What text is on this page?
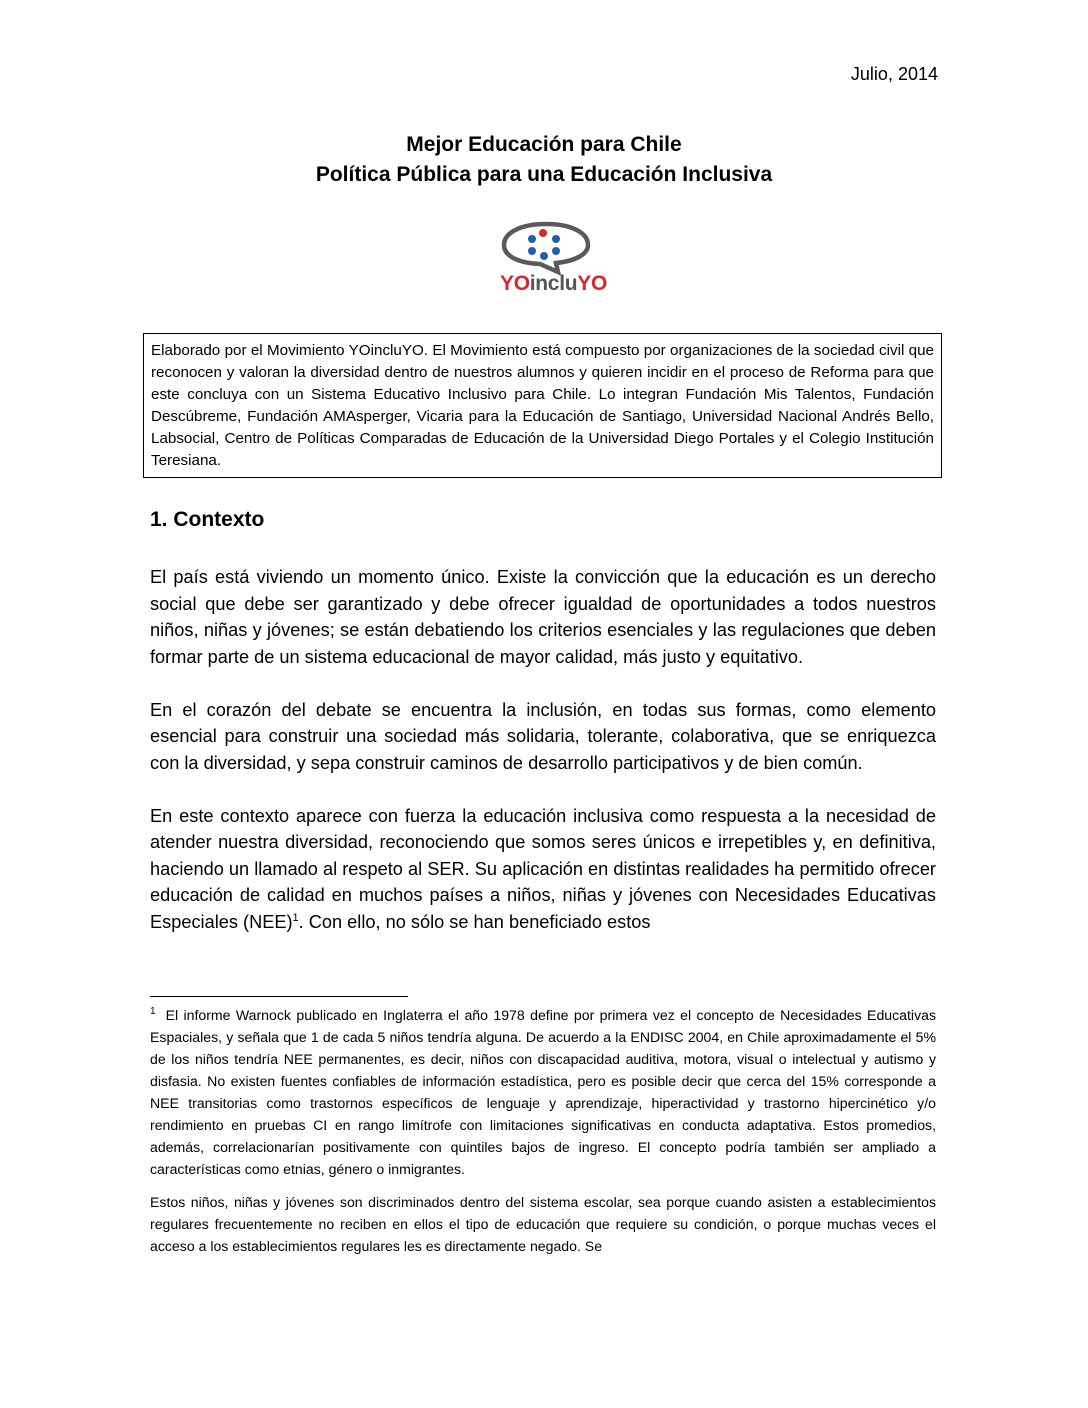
Julio, 2014
Mejor Educación para Chile
Política Pública para una Educación Inclusiva
YOincluYO
Elaborado por el Movimiento YOincluYO. El Movimiento está compuesto por organizaciones de la sociedad civil que reconocen y valoran la diversidad dentro de nuestros alumnos y quieren incidir en el proceso de Reforma para que este concluya con un Sistema Educativo Inclusivo para Chile. Lo integran Fundación Mis Talentos, Fundación Descúbreme, Fundación AMAsperger, Vicaria para la Educación de Santiago, Universidad Nacional Andrés Bello, Labsocial, Centro de Políticas Comparadas de Educación de la Universidad Diego Portales y el Colegio Institución Teresiana.
1. Contexto

El país está viviendo un momento único. Existe la convicción que la educación es un derecho social que debe ser garantizado y debe ofrecer igualdad de oportunidades a todos nuestros niños, niñas y jóvenes; se están debatiendo los criterios esenciales y las regulaciones que deben formar parte de un sistema educacional de mayor calidad, más justo y equitativo.

En el corazón del debate se encuentra la inclusión, en todas sus formas, como elemento esencial para construir una sociedad más solidaria, tolerante, colaborativa, que se enriquezca con la diversidad, y sepa construir caminos de desarrollo participativos y de bien común.

En este contexto aparece con fuerza la educación inclusiva como respuesta a la necesidad de atender nuestra diversidad, reconociendo que somos seres únicos e irrepetibles y, en definitiva, haciendo un llamado al respeto al SER. Su aplicación en distintas realidades ha permitido ofrecer educación de calidad en muchos países a niños, niñas y jóvenes con Necesidades Educativas Especiales (NEE)$^1$. Con ello, no sólo se han beneficiado estos

$^1$ El informe Warnock publicado en Inglaterra el año 1978 define por primera vez el concepto de Necesidades Educativas Espaciales, y señala que 1 de cada 5 niños tendría alguna. De acuerdo a la ENDISC 2004, en Chile aproximadamente el 5% de los niños tendría NEE permanentes, es decir, niños con discapacidad auditiva, motora, visual o intelectual y autismo y disfasia. No existen fuentes confiables de información estadística, pero es posible decir que cerca del 15% corresponde a NEE transitorias como trastornos específicos de lenguaje y aprendizaje, hiperactividad y trastorno hipercinético y/o rendimiento en pruebas CI en rango limítrofe con limitaciones significativas en conducta adaptativa. Estos promedios, además, correlacionarían positivamente con quintiles bajos de ingreso. El concepto podría también ser ampliado a características como etnias, género o inmigrantes.

Estos niños, niñas y jóvenes son discriminados dentro del sistema escolar, sea porque cuando asisten a establecimientos regulares frecuentemente no reciben en ellos el tipo de educación que requiere su condición, o porque muchas veces el acceso a los establecimientos regulares les es directamente negado. Se
